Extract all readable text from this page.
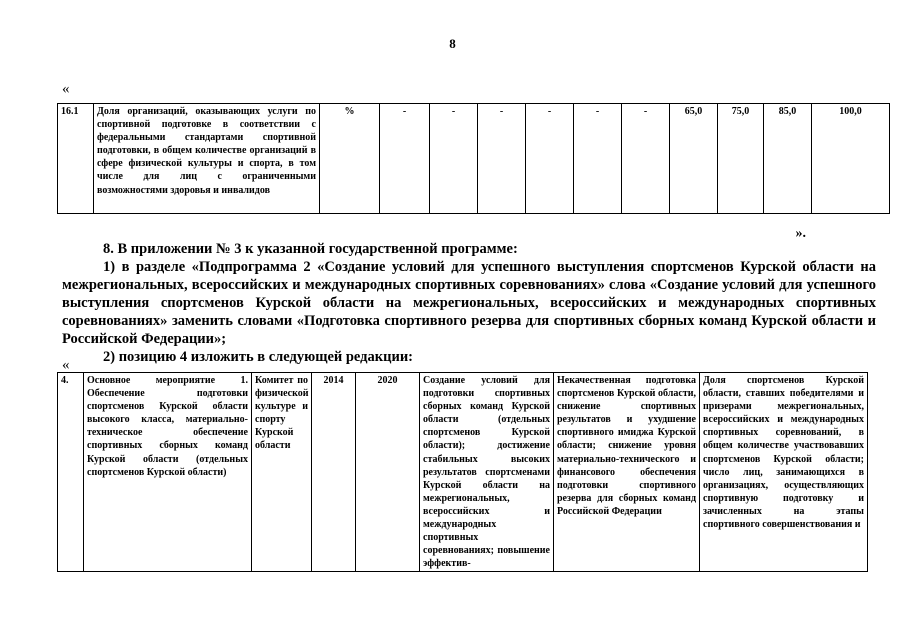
8
«
16.1	Доля организаций, оказывающих услуги по спортивной подготовке в соответствии с федеральными стандартами спортивной подготовки, в общем количестве организаций в сфере физической культуры и спорта, в том числе для лиц с ограниченными возможностями здоровья и инвалидов	%	-	-	-	-	-	-	65,0	75,0	85,0	100,0
».

8. В приложении № 3 к указанной государственной программе:

1) в разделе «Подпрограмма 2 «Создание условий для успешного выступления спортсменов Курской области на межрегиональных, всероссийских и международных спортивных соревнованиях» слова «Создание условий для успешного выступления спортсменов Курской области на межрегиональных, всероссийских и международных спортивных соревнованиях» заменить словами «Подготовка спортивного резерва для спортивных сборных команд Курской области и Российской Федерации»;

2) позицию 4 изложить в следующей редакции:

«
4.	Основное мероприятие 1. Обеспечение подготовки спортсменов Курской области высокого класса, материально-техническое обеспечение спортивных сборных команд Курской области (отдельных спортсменов Курской области)	Комитет по физической культуре и спорту Курской области	2014	2020	Создание условий для подготовки спортивных сборных команд Курской области (отдельных спортсменов Курской области); достижение стабильных высоких результатов спортсменами Курской области на межрегиональных, всероссийских и международных спортивных соревнованиях; повышение эффектив-	Некачественная подготовка спортсменов Курской области, снижение спортивных результатов и ухудшение спортивного имиджа Курской области; снижение уровня материально-технического и финансового обеспечения подготовки спортивного резерва для сборных команд Российской Федерации	Доля спортсменов Курской области, ставших победителями и призерами межрегиональных, всероссийских и международных спортивных соревнований, в общем количестве участвовавших спортсменов Курской области; число лиц, занимающихся в организациях, осуществляющих спортивную подготовку и зачисленных на этапы спортивного совершенствования и
